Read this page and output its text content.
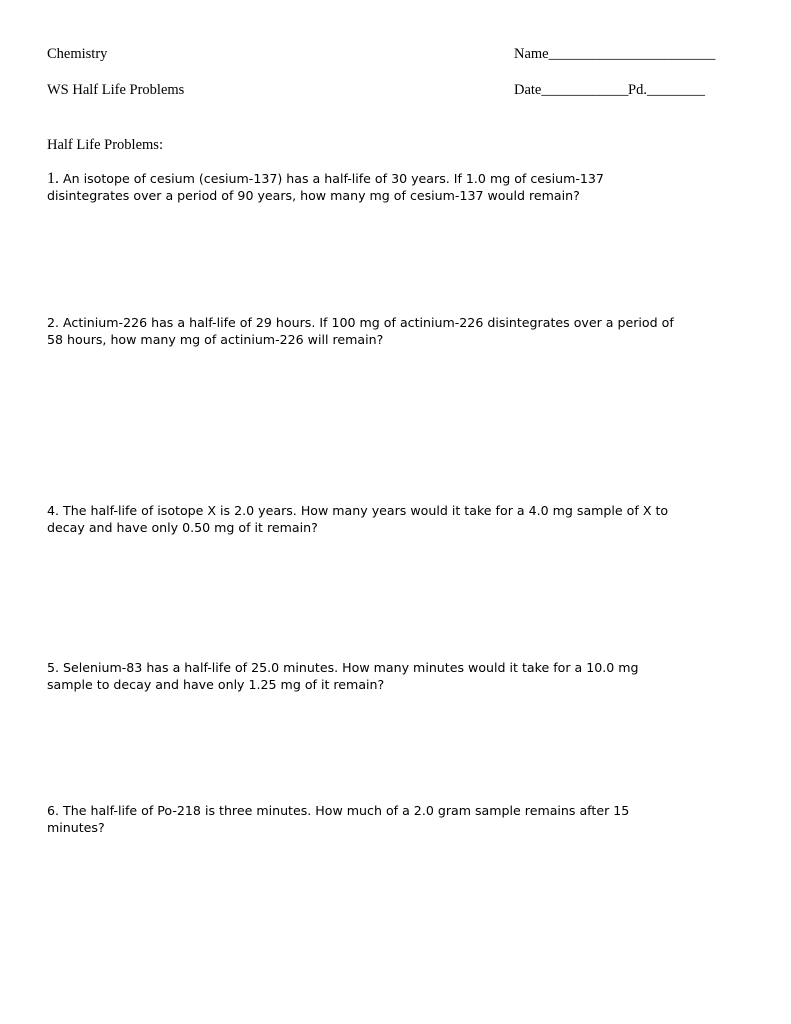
Chemistry
WS Half Life Problems
Name_______________________
Date____________ Pd.________
Half Life Problems:
1. An isotope of cesium (cesium-137) has a half-life of 30 years. If 1.0 mg of cesium-137
disintegrates over a period of 90 years, how many mg of cesium-137 would remain?
2. Actinium-226 has a half-life of 29 hours. If 100 mg of actinium-226 disintegrates over a period of
58 hours, how many mg of actinium-226 will remain?
4. The half-life of isotope X is 2.0 years. How many years would it take for a 4.0 mg sample of X to
decay and have only 0.50 mg of it remain?
5. Selenium-83 has a half-life of 25.0 minutes. How many minutes would it take for a 10.0 mg
sample to decay and have only 1.25 mg of it remain?
6. The half-life of Po-218 is three minutes. How much of a 2.0 gram sample remains after 15
minutes?
